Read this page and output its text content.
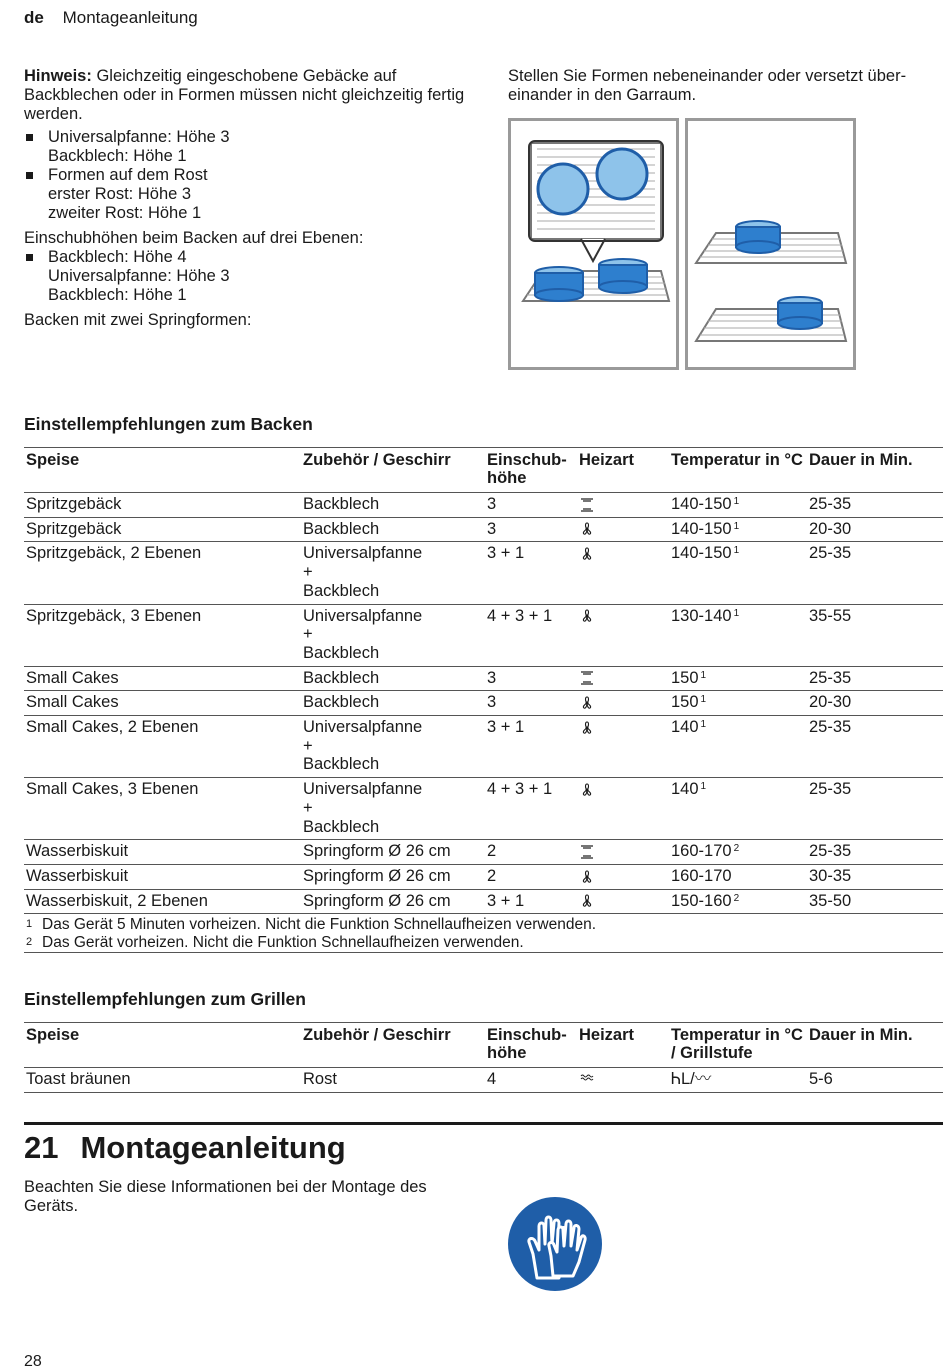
de Montageanleitung

Hinweis: Gleichzeitig eingeschobene Gebäcke auf Backblechen oder in Formen müssen nicht gleichzeitig fertig werden.

Universalpfanne: Höhe 3
Backblech: Höhe 1
Formen auf dem Rost
erster Rost: Höhe 3
zweiter Rost: Höhe 1

Einschubhöhen beim Backen auf drei Ebenen:

Backblech: Höhe 4
Universalpfanne: Höhe 3
Backblech: Höhe 1

Backen mit zwei Springformen:

Stellen Sie Formen nebeneinander oder versetzt über-einander in den Garraum.
Einstellempfehlungen zum Backen
Speise	Zubehör / Geschirr	Einschub-höhe	Heizart	Temperatur in °C	Dauer in Min.
Spritzgebäck	Backblech	3		140-150 $^1$	25-35
Spritzgebäck	Backblech	3		140-150 $^1$	20-30
Spritzgebäck, 2 Ebenen	Universalpfanne
+
Backblech	3 + 1		140-150 $^1$	25-35
Spritzgebäck, 3 Ebenen	Universalpfanne
+
Backblech	4 + 3 + 1		130-140 $^1$	35-55
Small Cakes	Backblech	3		150 $^1$	25-35
Small Cakes	Backblech	3		150 $^1$	20-30
Small Cakes, 2 Ebenen	Universalpfanne
+
Backblech	3 + 1		140 $^1$	25-35
Small Cakes, 3 Ebenen	Universalpfanne
+
Backblech	4 + 3 + 1		140 $^1$	25-35
Wasserbiskuit	Springform Ø 26 cm	2		160-170 $^2$	25-35
Wasserbiskuit	Springform Ø 26 cm	2		160-170	30-35
Wasserbiskuit, 2 Ebenen	Springform Ø 26 cm	3 + 1		150-160 $^2$	35-50

1 Das Gerät 5 Minuten vorheizen. Nicht die Funktion Schnellaufheizen verwenden.
2 Das Gerät vorheizen. Nicht die Funktion Schnellaufheizen verwenden.					
Einstellempfehlungen zum Grillen
Speise	Zubehör / Geschirr	Einschub-höhe	Heizart	Temperatur in °C / Grillstufe	Dauer in Min.
Toast bräunen	Rost	4		ᏂL/〰	5-6
21 Montageanleitung
Beachten Sie diese Informationen bei der Montage des Geräts.
28
